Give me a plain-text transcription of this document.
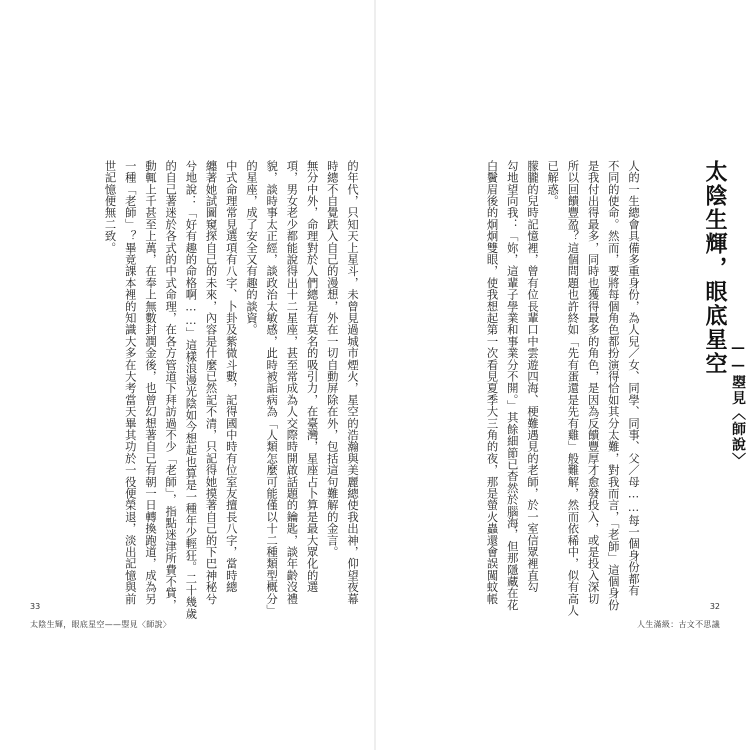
的年代，只知天上星斗，未曾見過城市煙火，星空的浩瀚與美麗總使我出神，仰望夜幕
時總不自覺跌入自己的漫想，外在一切自動屏除在外，包括這句難解的金言。
無分中外，命理對於人們總是有莫名的吸引力，在臺灣，星座占卜算是最大眾化的選
項，男女老少都能說得出十二星座，甚至常成為人交際時開啟話題的鑰匙，談年齡沒禮
貌，談時事太正經，談政治太敏感，此時被詬病為「人類怎麼可能僅以十二種類型概分」
的星座，成了安全又有趣的談資。
中式命理常見選項有八字、卜卦及紫微斗數，記得國中時有位室友擅長八字，當時總
纏著她試圖窺探自己的未來，內容是什麼已然記不清，只記得她摸著自己的下巴神秘兮
兮地說：「好有趣的命格啊……」這樣浪漫光陰如今想起也算是一種年少輕狂。二十幾歲
的自己著迷於各式的中式命理，在各方管道下拜訪過不少「老師」，指點迷津所費不貲，
動輒上千甚至上萬，在奉上無數封潤金後，也曾幻想著自己有朝一日轉換跑道，成為另
一種「老師」？畢竟課本裡的知識大多在大考當天畢其功於一役便榮退，淡出記憶與前
世記憶便無二致。
33
太陰生輝，眼底星空——曌見〈師說〉
太陰生輝，眼底星空
——曌見〈師說〉
人的一生總會具備多重身份，為人兒／女、同學、同事、父／母……每一個身份都有
不同的使命。然而，要將每個角色都扮演得恰如其分太難，對我而言，「老師」這個身份
是我付出得最多，同時也獲得最多的角色，是因為反饋豐厚才愈發投入，或是投入深切
所以回饋豐盈？這個問題也許終如「先有蛋還是先有雞」般難解，然而依稀中，似有高人
已解惑。
朦朧的兒時記憶裡，曾有位長輩口中雲遊四海、梗難遇見的老師，於一室信眾裡直勾
勾地望向我：「妳，這輩子學業和事業分不開。」其餘細節已杳然於腦海，但那隱藏在花
白鬢眉後的炯炯雙眼，使我想起第一次看見夏季大三角的夜，那是螢火蟲還會誤闖蚊帳
32
人生滿級：古文不思議
